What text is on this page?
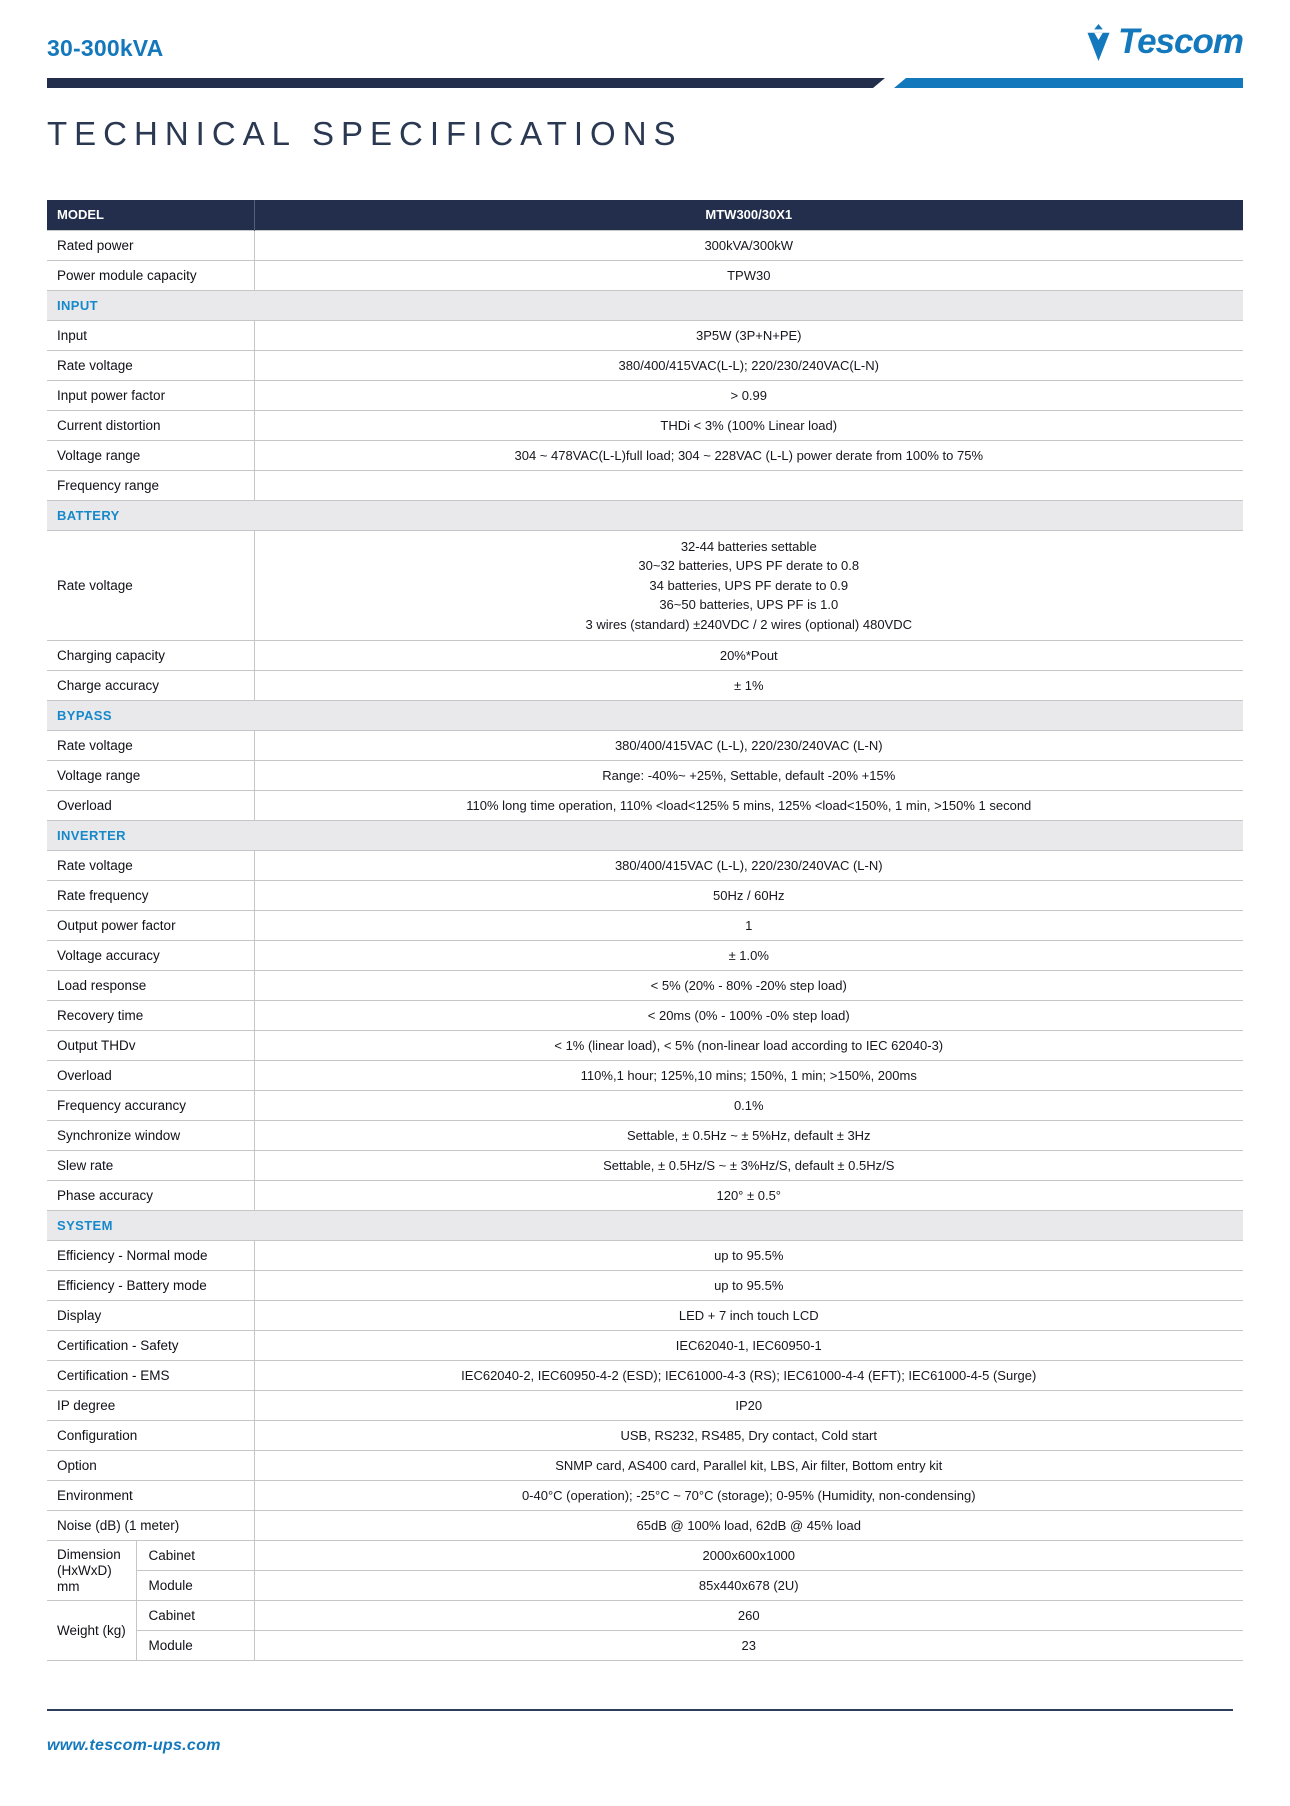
30-300kVA	Tescom
TECHNICAL SPECIFICATIONS
MODEL		MTW300/30X1
Rated power		300kVA/300kW
Power module capacity		TPW30
INPUT		
Input		3P5W (3P+N+PE)
Rate voltage		380/400/415VAC(L-L); 220/230/240VAC(L-N)
Input power factor		> 0.99
Current distortion		THDi < 3% (100% Linear load)
Voltage range		304 ~ 478VAC(L-L)full load; 304 ~ 228VAC (L-L) power derate from 100% to 75%
Frequency range		
BATTERY		
Rate voltage		32-44 batteries settable
30~32 batteries, UPS PF derate to 0.8
34 batteries, UPS PF derate to 0.9
36~50 batteries, UPS PF is 1.0
3 wires (standard) ±240VDC / 2 wires (optional) 480VDC
Charging capacity		20%*Pout
Charge accuracy		± 1%
BYPASS		
Rate voltage		380/400/415VAC (L-L), 220/230/240VAC (L-N)
Voltage range		Range: -40%~ +25%, Settable, default -20% +15%
Overload		110% long time operation, 110% <load<125% 5 mins, 125% <load<150%, 1 min, >150% 1 second
INVERTER		
Rate voltage		380/400/415VAC (L-L), 220/230/240VAC (L-N)
Rate frequency		50Hz / 60Hz
Output power factor		1
Voltage accuracy		± 1.0%
Load response		< 5% (20% - 80% -20% step load)
Recovery time		< 20ms (0% - 100% -0% step load)
Output THDv		< 1% (linear load), < 5% (non-linear load according to IEC 62040-3)
Overload		110%,1 hour; 125%,10 mins; 150%, 1 min; >150%, 200ms
Frequency accurancy		0.1%
Synchronize window		Settable, ± 0.5Hz ~ ± 5%Hz, default ± 3Hz
Slew rate		Settable, ± 0.5Hz/S ~ ± 3%Hz/S, default ± 0.5Hz/S
Phase accuracy		120° ± 0.5°
SYSTEM		
Efficiency - Normal mode		up to 95.5%
Efficiency - Battery mode		up to 95.5%
Display		LED + 7 inch touch LCD
Certification - Safety		IEC62040-1, IEC60950-1
Certification - EMS		IEC62040-2, IEC60950-4-2 (ESD); IEC61000-4-3 (RS); IEC61000-4-4 (EFT); IEC61000-4-5 (Surge)
IP degree		IP20
Configuration		USB, RS232, RS485, Dry contact, Cold start
Option		SNMP card, AS400 card, Parallel kit, LBS, Air filter, Bottom entry kit
Environment		0-40°C (operation); -25°C ~ 70°C (storage); 0-95% (Humidity, non-condensing)
Noise (dB) (1 meter)		65dB @ 100% load, 62dB @ 45% load
Dimension (HxWxD) mm	Cabinet	2000x600x1000
	Module	85x440x678 (2U)
Weight (kg)	Cabinet	260
	Module	23
www.tescom-ups.com
